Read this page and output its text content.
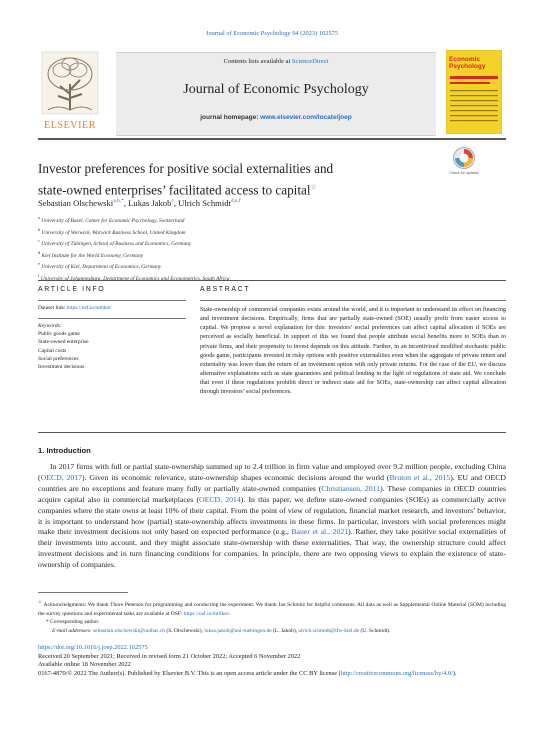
Journal of Economic Psychology 94 (2023) 102575
ELSEVIER
Contents lists available at ScienceDirect
Journal of Economic Psychology
journal homepage: www.elsevier.com/locate/joep
Economic Psychology
Investor preferences for positive social externalities and
state-owned enterprises’ facilitated access to capital☆
Check for updates
Sebastian Olschewski$^{a,b,*}$, Lukas Jakob$^c$, Ulrich Schmidt$^{d,e,f}$
$^a$ University of Basel, Center for Economic Psychology, Switzerland
$^b$ University of Warwick, Warwick Business School, United Kingdom
$^c$ University of Tübingen, School of Business and Economics, Germany
$^d$ Kiel Institute for the World Economy, Germany
$^e$ University of Kiel, Department of Economics, Germany
$^f$ University of Johannesburg, Department of Economics and Econometrics, South Africa
ARTICLE INFO	ABSTRACT
Dataset link: https://osf.io/mt6kst/
Keywords:
Public goods game
State-owned enterprise
Capital costs
Social preferences
Investment decisions
State-ownership of commercial companies exists around the world, and it is important to understand its effect on financing and investment decisions. Empirically, firms that are partially state-owned (SOE) usually profit from easier access to capital. We propose a novel explanation for this: investors’ social preferences can affect capital allocation if SOEs are perceived as socially beneficial. In support of this we found that people attribute social benefits more to SOEs than to private firms, and their propensity to invest depends on this attitude. Further, in an incentivized modified stochastic public goods game, participants invested in risky options with positive externalities even when the aggregate of private return and externality was lower than the return of an investment option with only private returns. For the case of the EU, we discuss alternative explanations such as state guarantees and political lending in the light of regulations of state aid. We conclude that even if these regulations prohibit direct or indirect state aid for SOEs, state-ownership can affect capital allocation through investors’ social preferences.
1. Introduction

In 2017 firms with full or partial state-ownership summed up to 2.4 trillion in firm value and employed over 9.2 million people, excluding China (OECD, 2017). Given its economic relevance, state-ownership shapes economic decisions around the world (Bruton et al., 2015). EU and OECD countries are no exceptions and feature many fully or partially state-owned companies (Christiansen, 2011). These companies in OECD countries acquire capital also in commercial marketplaces (OECD, 2014). In this paper, we define state-owned companies (SOEs) as commercially active companies where the state owns at least 10% of their capital. From the point of view of regulation, financial market research, and investors’ behavior, it is important to understand how (partial) state-ownership affects investments in these firms. In particular, investors with social preferences might make their investment decisions not only based on expected performance (e.g., Bauer et al., 2021). Rather, they take positive social externalities of their investments into account, and they might associate state-ownership with these externalities. That way, the ownership structure could affect investment decisions and in turn financing conditions for companies. In principle, there are two opposing views to explain the existence of state-ownership of companies.

☆ Acknowledgments: We thank Thore Petersen for programming and conducting the experiment. We thank Jan Schmitz for helpful comments. All data as well as Supplemental Online Material (SOM) including the survey questions and experimental tasks are available at OSF: https://osf.io/mt6kst/.

* Corresponding author.

E-mail addresses: sebastian.olschewski@unibas.ch (S. Olschewski), lukas.jakob@uni-tuebingen.de (L. Jakob), ulrich.schmidt@ifw-kiel.de (U. Schmidt).

https://doi.org/10.1016/j.joep.2022.102575

Received 20 September 2021; Received in revised form 21 October 2022; Accepted 6 November 2022

Available online 18 November 2022

0167-4870/© 2022 The Author(s). Published by Elsevier B.V. This is an open access article under the CC BY license (http://creativecommons.org/licenses/by/4.0/).
